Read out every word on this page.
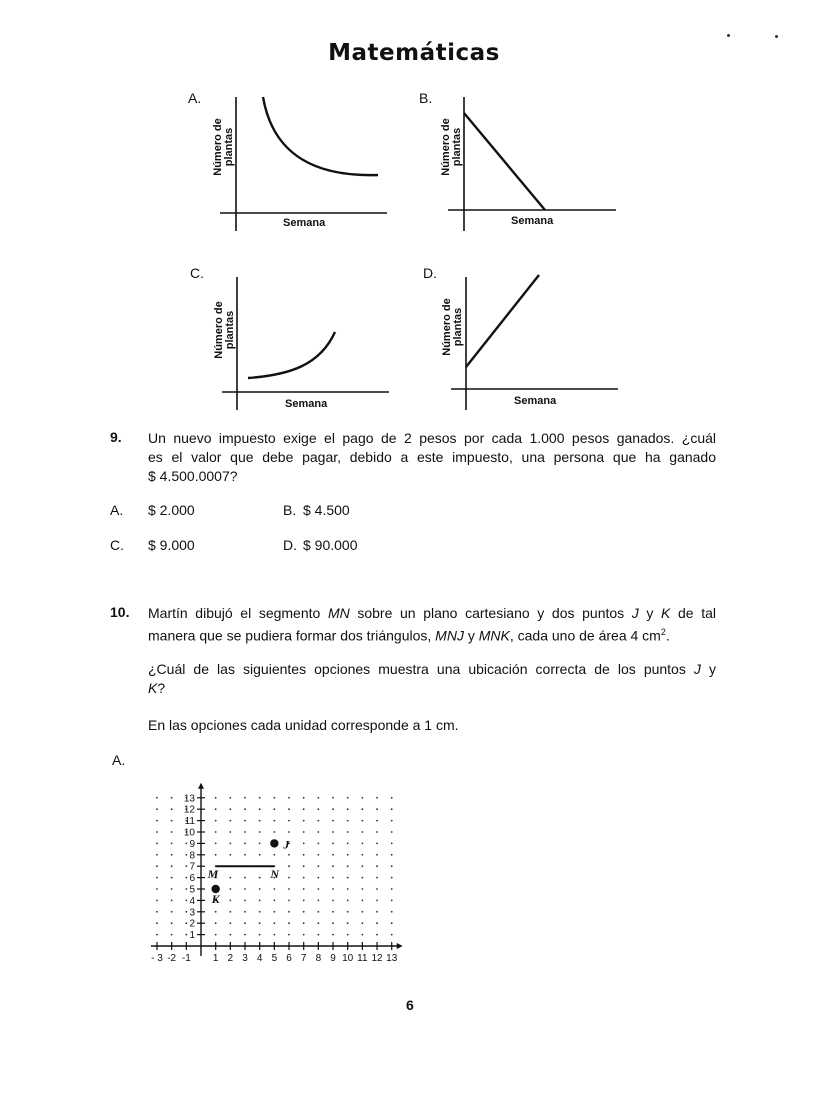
Matemáticas
A.
Número de plantas
Semana
B.
Número de plantas
Semana
C.
Número de plantas
Semana
D.
Número de plantas
Semana
9. Un nuevo impuesto exige el pago de 2 pesos por cada 1.000 pesos ganados. ¿cuál
es el valor que debe pagar, debido a este impuesto, una persona que ha ganado
$ 4.500.0007?
A. $ 2.000	B. $ 4.500
C. $ 9.000	D. $ 90.000
10. Martín dibujó el segmento MN sobre un plano cartesiano y dos puntos J y K de tal
manera que se pudiera formar dos triángulos, MNJ y MNK, cada uno de área 4 $cm^2$.
¿Cuál de las siguientes opciones muestra una ubicación correcta de los puntos J y
K?
En las opciones cada unidad corresponde a 1 cm.
A.
- 3 -2 -1 1 2 3 4 5 6 7 8 9 10 11 12 13
1
2
3
4
5
6
7
8
9
10
11
12
13
M	N
J
K
6
